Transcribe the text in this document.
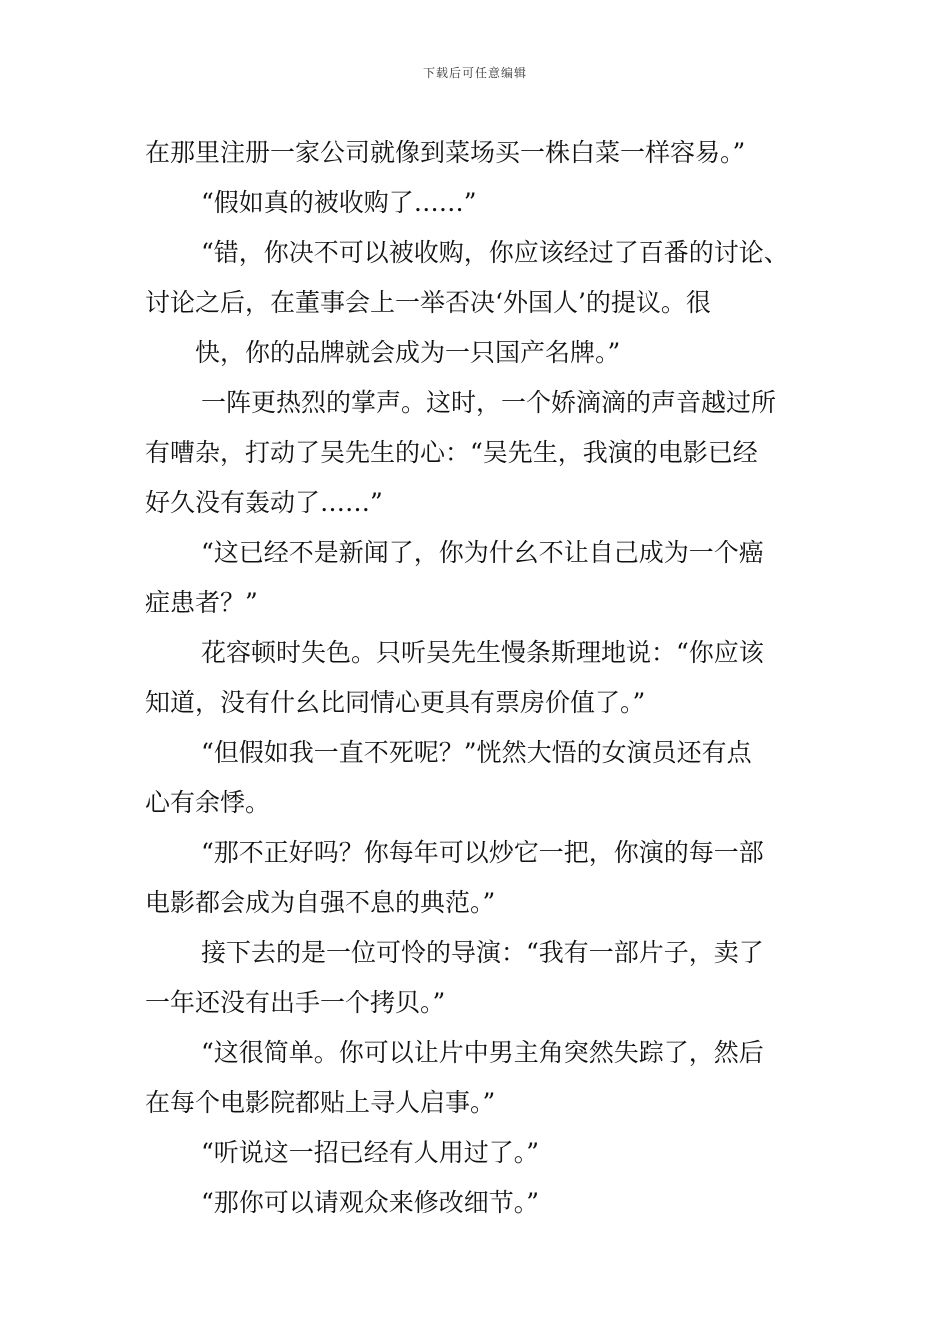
下载后可任意编辑
在那里注册一家公司就像到菜场买一株白菜一样容易。”
“假如真的被收购了……”
“错，你决不可以被收购，你应该经过了百番的讨论、
讨论之后，在董事会上一举否决‘外国人’的提议。很
快，你的品牌就会成为一只国产名牌。”
一阵更热烈的掌声。这时，一个娇滴滴的声音越过所
有嘈杂，打动了吴先生的心：“吴先生，我演的电影已经
好久没有轰动了……”
“这已经不是新闻了，你为什幺不让自己成为一个癌
症患者？”
花容顿时失色。只听吴先生慢条斯理地说：“你应该
知道，没有什幺比同情心更具有票房价值了。”
“但假如我一直不死呢？”恍然大悟的女演员还有点
心有余悸。
“那不正好吗？你每年可以炒它一把，你演的每一部
电影都会成为自强不息的典范。”
接下去的是一位可怜的导演：“我有一部片子，卖了
一年还没有出手一个拷贝。”
“这很简单。你可以让片中男主角突然失踪了，然后
在每个电影院都贴上寻人启事。”
“听说这一招已经有人用过了。”
“那你可以请观众来修改细节。”
